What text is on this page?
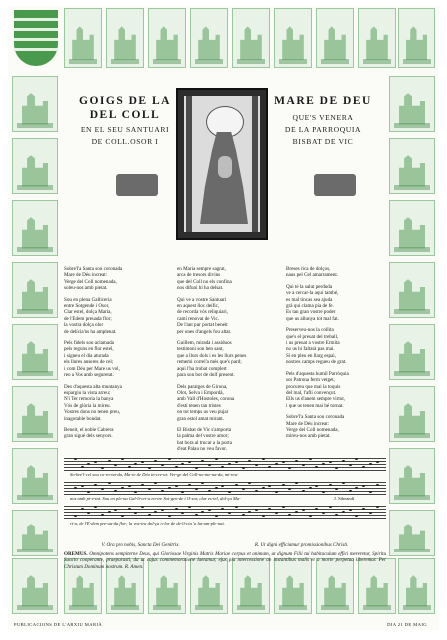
GOIGS DE LA
DEL COLL
EN EL SEU SANTUARI
DE COLL.OSOR I
MARE DE DEU
QUE'S VENERA
DE LA PARROQUIA
BISBAT DE VIC
Sobre'l'a Santa sou coronada
Mare de Déu increat:
Verge del Coll nomenada,
soleu-nos amb pietat.
Sou en plena Galliceria
entre Sotgende i Osor,
Clar estel, dolça Maria,
de l'Edem preuada flor;
la vostra dolça olor
de delícia'ns ha amplenat.
Pels fidels sou aclamada
pels reguns en flor estel,
i signeu el dia aturada
els llures anseres de cel;
i com Déu per Mare us vol,
reo a Vos amb seguretat.
Des d'aquesta alta muntanya
espargiu la vista arreu;
N'i Ter remoria la banya
Vós de glòria la mireu.
Vostres dons no tenen preu,
inagotable bondat.
Beneit, el noble Cabrera
gran sigué dels senyors.
en Maria sempre sagrat,
arca de tresors divins
que del Coll no els confina
nos difuni hi ha delsat.
Qui ve a vostre Santuari
en aquest lloc deífic,
de recorda vós reliquiari,
camí renovat de Vic.
De l'ant pur portat beneit
per ones d'angels fou altat.
Guillem, mirada i assíduos
testimoni son ben sant,
que a llurs dols i es les llurs penes
rememi correl'a més que's pard;
aqui l'ha trobat complert
para son bot de dolf present.
Dels paratges de Girona,
Olot, Selva i Empordà,
amb Vall d'Hostoles, corona
d'estí tenen tan tristes
on tot temps us veu pujar
gran estol amat mirant.
El Bisbat de Vic s'amporta
la palma del vostre amor;
bat hora al trucar a la porta
d'eat Palau no veu favor.
Breses rica de dolços,
naus pel Cel amarrament.
Qui té la salut perduda
ve a cercar-la aquí també,
es mal tincas sea ajuda
grà qui clama pía de fe.
Es tan gran vostre poder
que us allunya tot mal fat.
Preserveu-nos la collita
que's el preuat del treball,
i us preuat a vostre Ermita
no us hi faltarà pas mai.
Si en pleu en llarg espai,
nostres camps regueu de grat.
Pels d'aquesta humil Parròquia
sor Patrona ferm vetget,
procureu que mai la toquis
del mal, l'aflí convençut.
Ells us d'anem sempre virtut,
i que us tenen mai bé tornat.
Sobre'l'a Santa sou coronada
Mare de Déu increat:
Verge del Coll nomenada,
mireu-nos amb pietat.
So-bre'l-cel sou co-ro-na-da, Ma-re de Déu in-cre-at: Ver-ge del Coll-no-me-na-da, mi-reu-
nos amb pi-e-tat. Sou en ple-na Gal-li-cri-a en-tre Sot-gen-de i O-sor, clar es-tel, dol-ça Ma-	J. Sibeandí
ri-a, de l'E-dem pre-ua-da flor; la vos-tra dol-ça o-lor de de-lí-cia 'n ha-am-ple-nat.
V. Ora pro nobis, Sancta Dei Genitrix.	R. Ut digni efficiamur promissionibus Christi.
OREMUS. Omnipotens sempiterne Deus, qui Gloriosae Virginis Matris Mariae corpus et animam, ut dignum Filii tui habitaculum effici mereretur, Spiritu Sancto cooperante, praeparasti, da ut cujus commemoratione laetamur, ejus pia intercessione ab instantibus malis et a morte perpetua liberemur. Per Christum Dominum nostrum. R. Amen.
PUBLICACIONS DE L'ARXIU MARIÀ	DIA 21 DE MAIG
